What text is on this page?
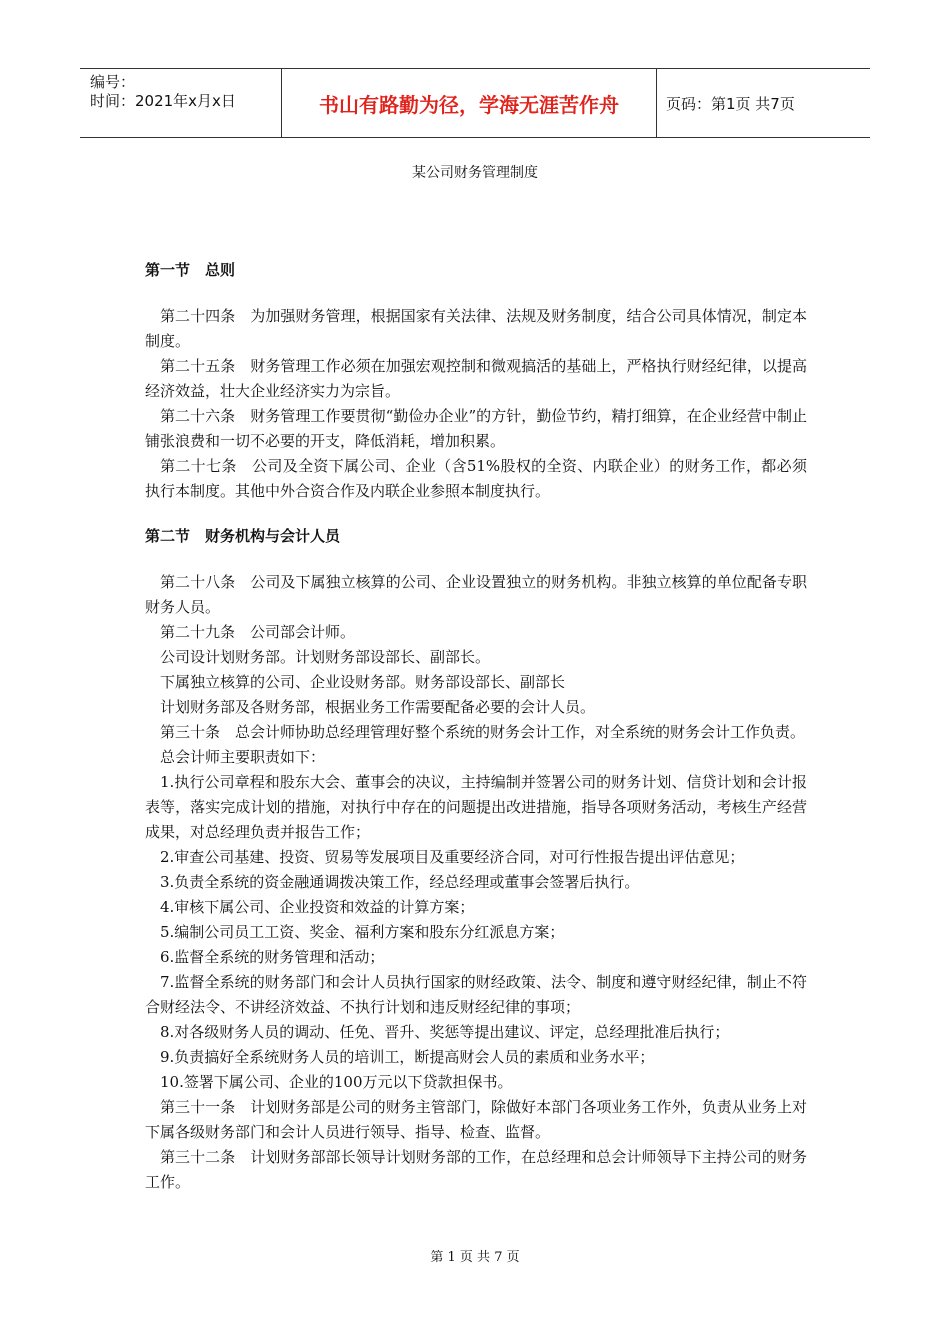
编号：
时间：2021年x月x日	书山有路勤为径，学海无涯苦作舟	页码：第1页 共7页
某公司财务管理制度
第一节　总则

第二十四条　为加强财务管理，根据国家有关法律、法规及财务制度，结合公司具体情况，制定本制度。

第二十五条　财务管理工作必须在加强宏观控制和微观搞活的基础上，严格执行财经纪律，以提高经济效益，壮大企业经济实力为宗旨。

第二十六条　财务管理工作要贯彻“勤俭办企业”的方针，勤俭节约，精打细算，在企业经营中制止铺张浪费和一切不必要的开支，降低消耗，增加积累。

第二十七条　公司及全资下属公司、企业（含51%股权的全资、内联企业）的财务工作，都必须执行本制度。其他中外合资合作及内联企业参照本制度执行。

第二节　财务机构与会计人员

第二十八条　公司及下属独立核算的公司、企业设置独立的财务机构。非独立核算的单位配备专职财务人员。

第二十九条　公司部会计师。

公司设计划财务部。计划财务部设部长、副部长。

下属独立核算的公司、企业设财务部。财务部设部长、副部长

计划财务部及各财务部，根据业务工作需要配备必要的会计人员。

第三十条　总会计师协助总经理管理好整个系统的财务会计工作，对全系统的财务会计工作负责。

总会计师主要职责如下：

1.执行公司章程和股东大会、董事会的决议，主持编制并签署公司的财务计划、信贷计划和会计报表等，落实完成计划的措施，对执行中存在的问题提出改进措施，指导各项财务活动，考核生产经营成果，对总经理负责并报告工作；

2.审查公司基建、投资、贸易等发展项目及重要经济合同，对可行性报告提出评估意见；

3.负责全系统的资金融通调拨决策工作，经总经理或董事会签署后执行。

4.审核下属公司、企业投资和效益的计算方案；

5.编制公司员工工资、奖金、福利方案和股东分红派息方案；

6.监督全系统的财务管理和活动；

7.监督全系统的财务部门和会计人员执行国家的财经政策、法令、制度和遵守财经纪律，制止不符合财经法令、不讲经济效益、不执行计划和违反财经纪律的事项；

8.对各级财务人员的调动、任免、晋升、奖惩等提出建议、评定，总经理批准后执行；

9.负责搞好全系统财务人员的培训工，断提高财会人员的素质和业务水平；

10.签署下属公司、企业的100万元以下贷款担保书。

第三十一条　计划财务部是公司的财务主管部门，除做好本部门各项业务工作外，负责从业务上对下属各级财务部门和会计人员进行领导、指导、检查、监督。

第三十二条　计划财务部部长领导计划财务部的工作，在总经理和总会计师领导下主持公司的财务工作。

第 1 页 共 7 页
